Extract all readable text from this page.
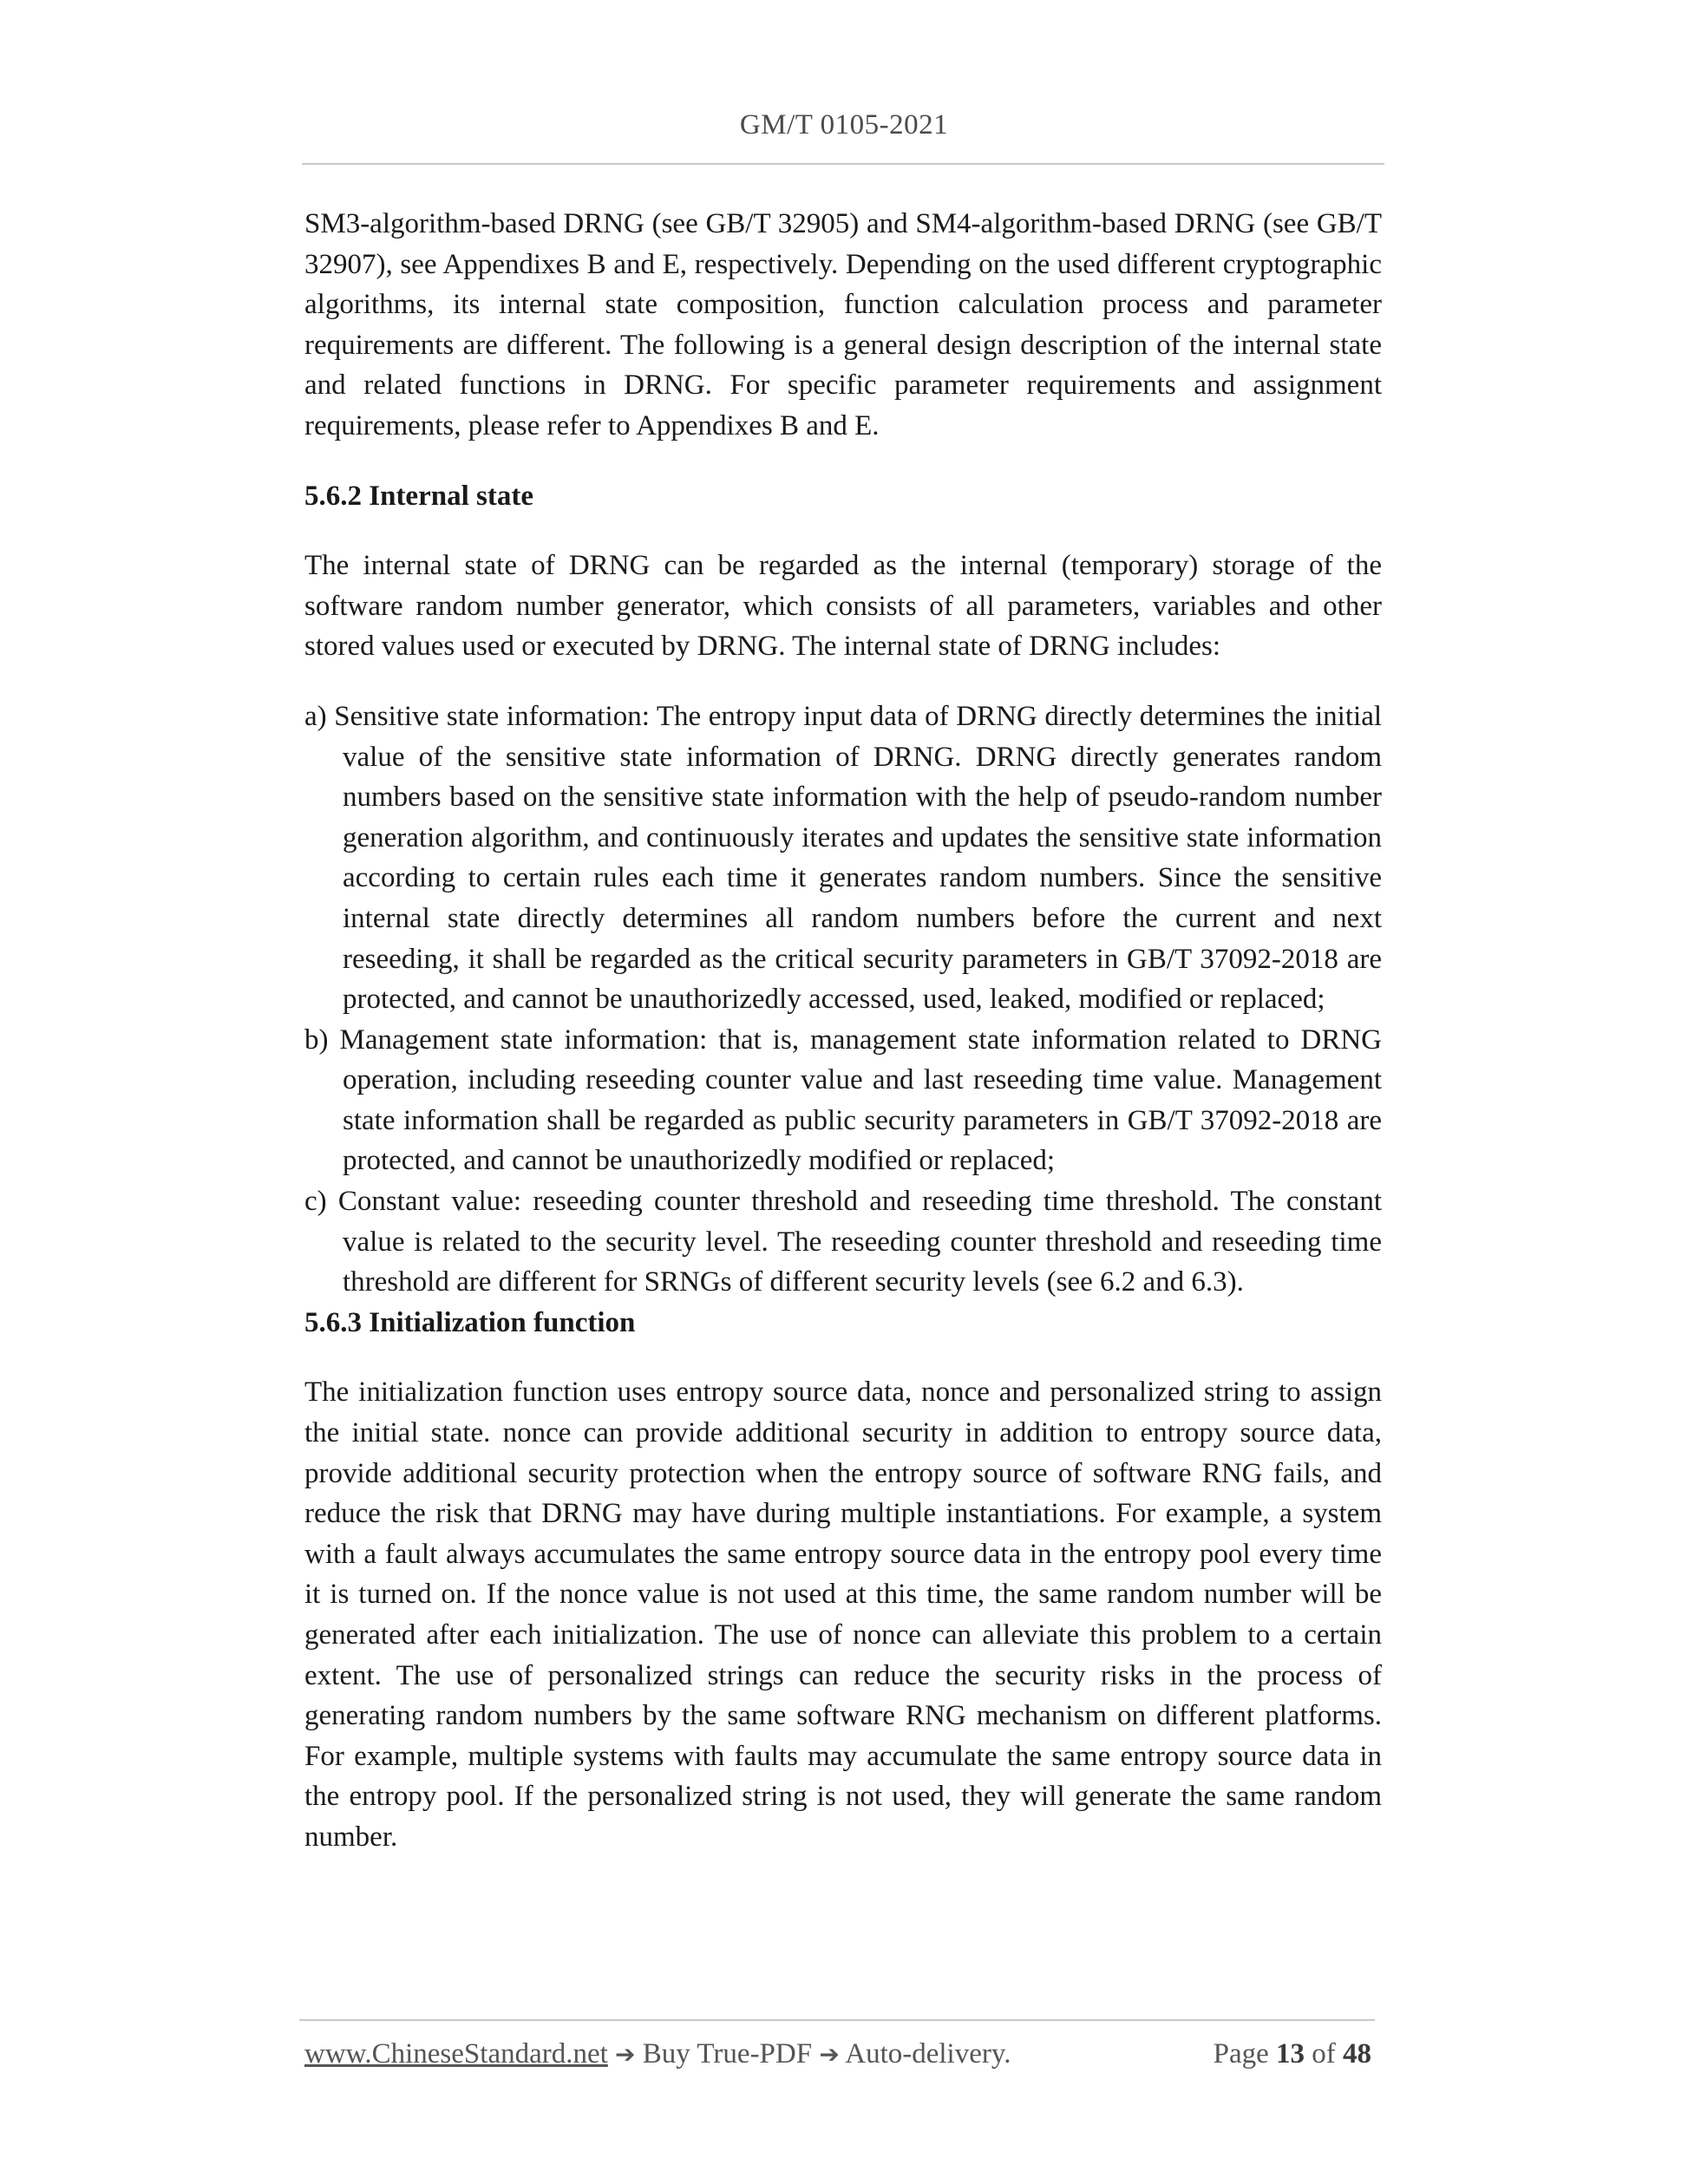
GM/T 0105-2021

SM3-algorithm-based DRNG (see GB/T 32905) and SM4-algorithm-based DRNG (see GB/T 32907), see Appendixes B and E, respectively. Depending on the used different cryptographic algorithms, its internal state composition, function calculation process and parameter requirements are different. The following is a general design description of the internal state and related functions in DRNG. For specific parameter requirements and assignment requirements, please refer to Appendixes B and E.

5.6.2 Internal state

The internal state of DRNG can be regarded as the internal (temporary) storage of the software random number generator, which consists of all parameters, variables and other stored values used or executed by DRNG. The internal state of DRNG includes:

a) Sensitive state information: The entropy input data of DRNG directly determines the initial value of the sensitive state information of DRNG. DRNG directly generates random numbers based on the sensitive state information with the help of pseudo-random number generation algorithm, and continuously iterates and updates the sensitive state information according to certain rules each time it generates random numbers. Since the sensitive internal state directly determines all random numbers before the current and next reseeding, it shall be regarded as the critical security parameters in GB/T 37092-2018 are protected, and cannot be unauthorizedly accessed, used, leaked, modified or replaced;

b) Management state information: that is, management state information related to DRNG operation, including reseeding counter value and last reseeding time value. Management state information shall be regarded as public security parameters in GB/T 37092-2018 are protected, and cannot be unauthorizedly modified or replaced;

c) Constant value: reseeding counter threshold and reseeding time threshold. The constant value is related to the security level. The reseeding counter threshold and reseeding time threshold are different for SRNGs of different security levels (see 6.2 and 6.3).

5.6.3 Initialization function

The initialization function uses entropy source data, nonce and personalized string to assign the initial state. nonce can provide additional security in addition to entropy source data, provide additional security protection when the entropy source of software RNG fails, and reduce the risk that DRNG may have during multiple instantiations. For example, a system with a fault always accumulates the same entropy source data in the entropy pool every time it is turned on. If the nonce value is not used at this time, the same random number will be generated after each initialization. The use of nonce can alleviate this problem to a certain extent. The use of personalized strings can reduce the security risks in the process of generating random numbers by the same software RNG mechanism on different platforms. For example, multiple systems with faults may accumulate the same entropy source data in the entropy pool. If the personalized string is not used, they will generate the same random number.

www.ChineseStandard.net ➔ Buy True-PDF ➔ Auto-delivery.	Page 13 of 48
